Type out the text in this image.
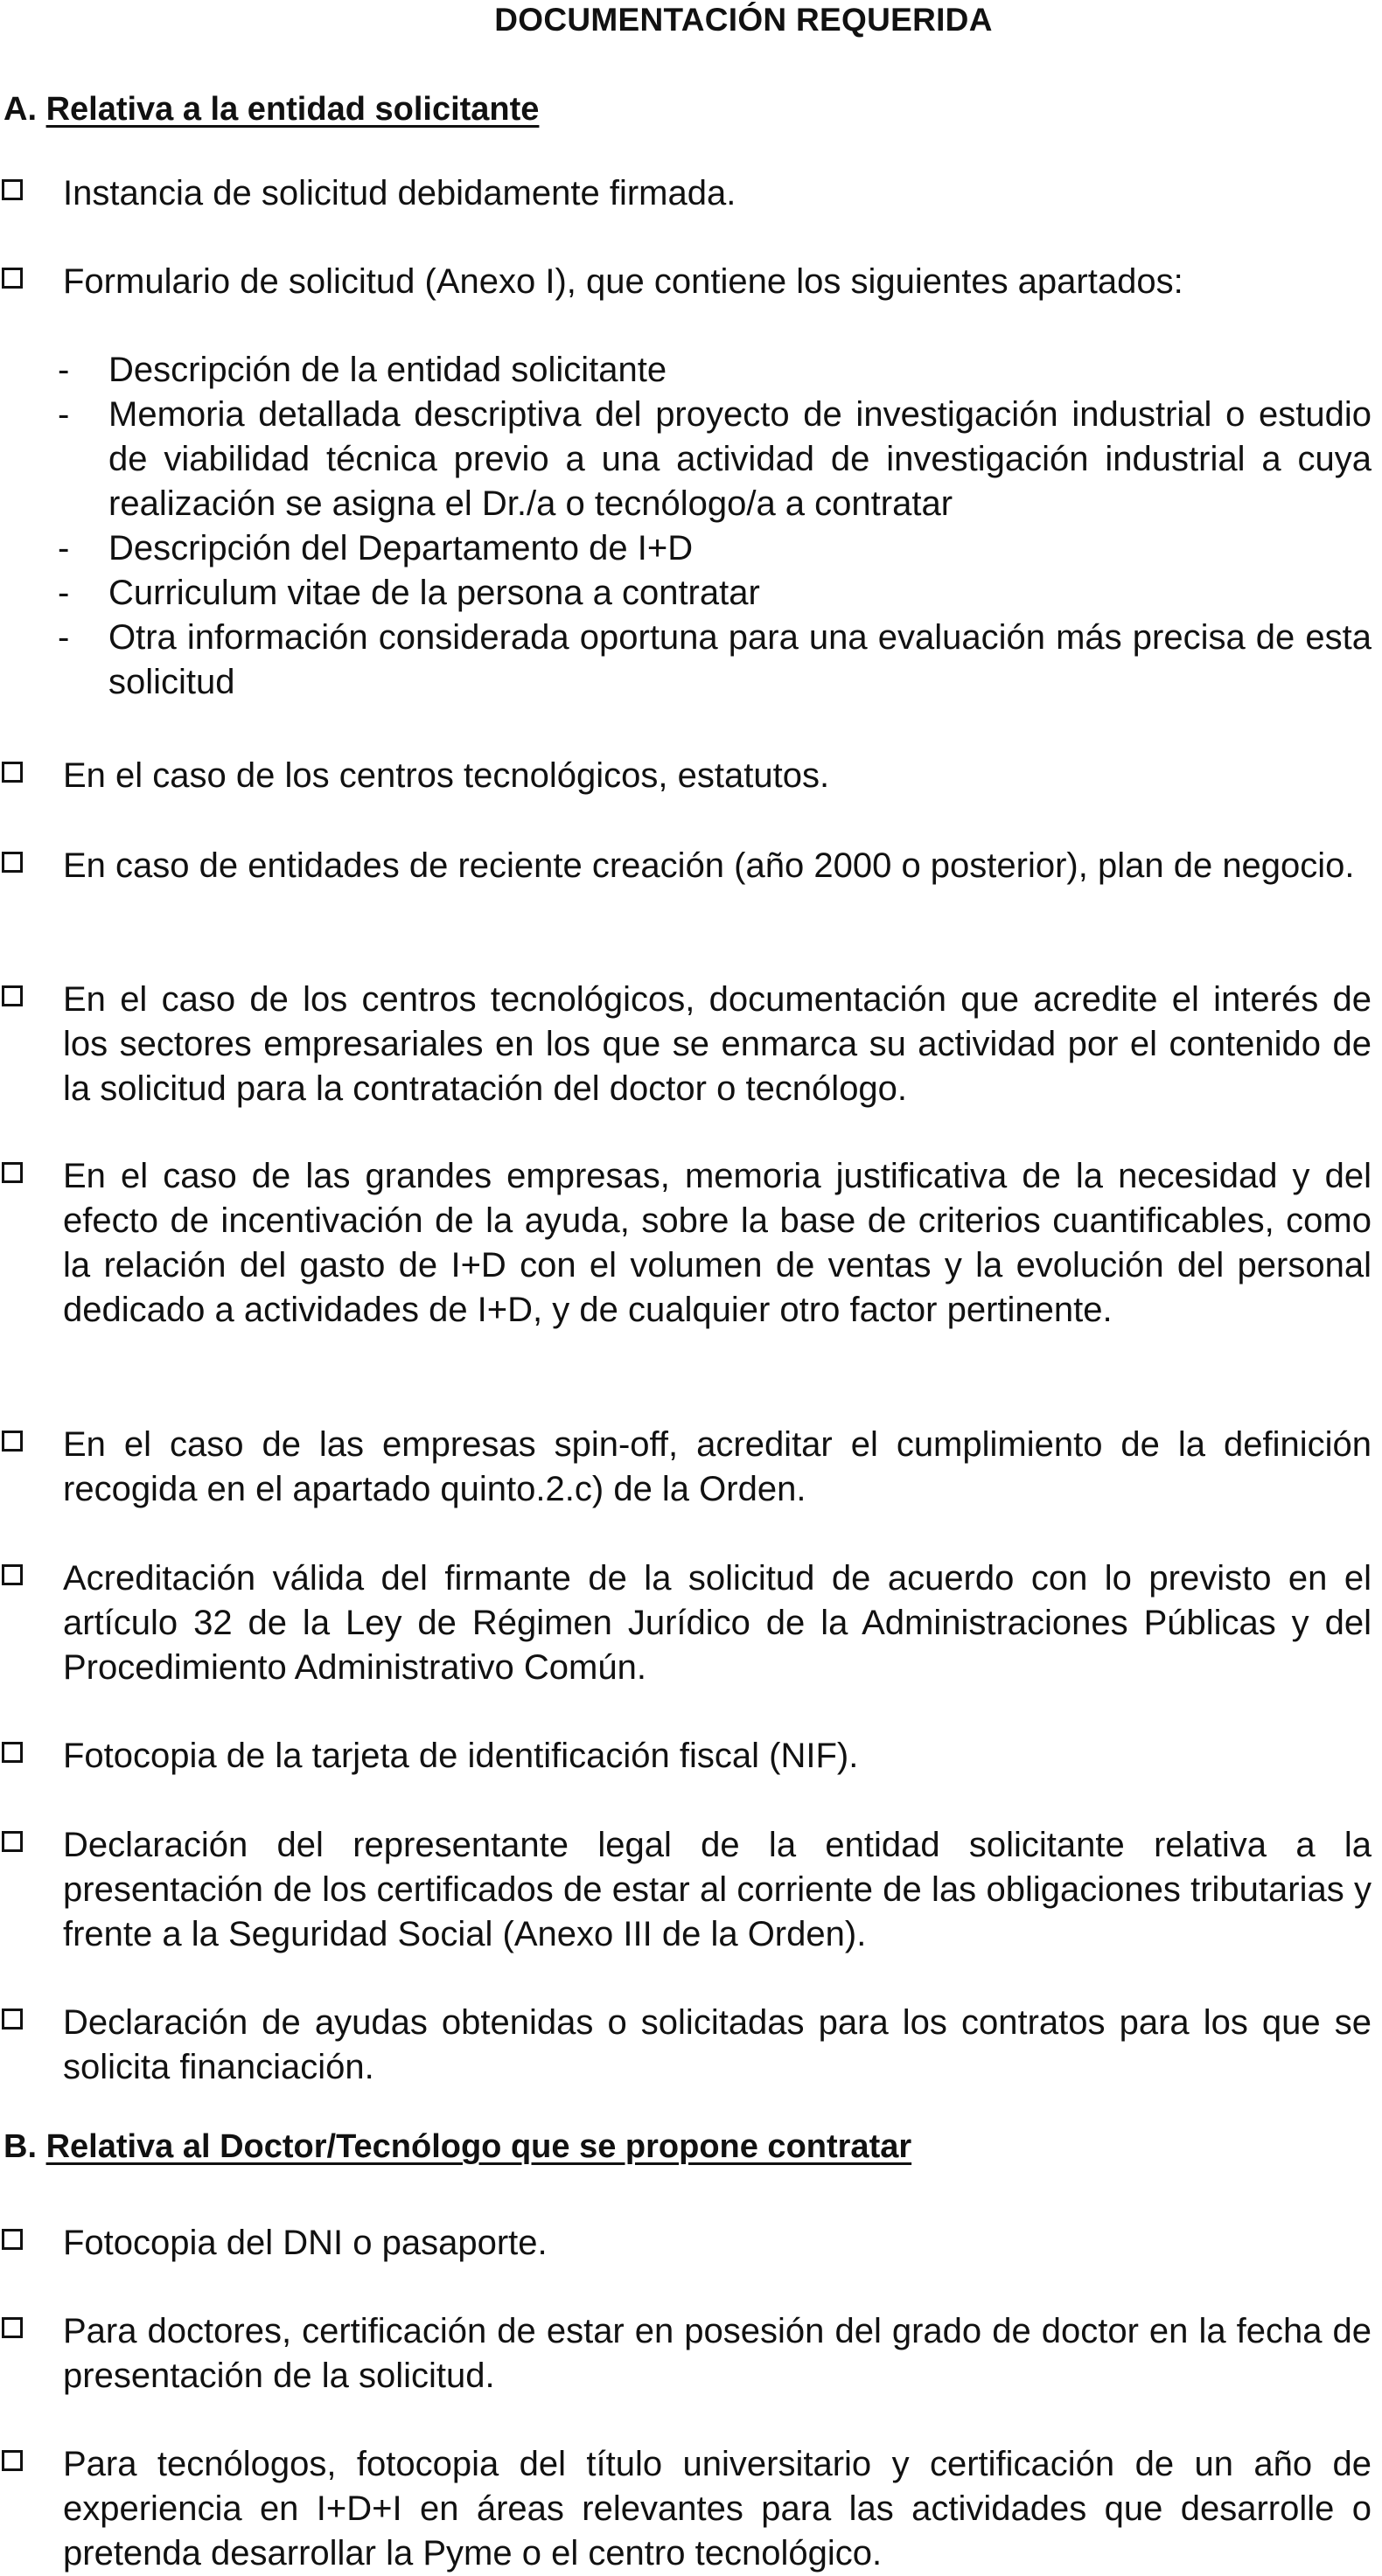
DOCUMENTACIÓN REQUERIDA
A. Relativa a la entidad solicitante
Instancia de solicitud debidamente firmada.
Formulario de solicitud (Anexo I), que contiene los siguientes apartados:
- Descripción de la entidad solicitante
- Memoria detallada descriptiva del proyecto de investigación industrial o estudio de viabilidad técnica previo a una actividad de investigación industrial a cuya realización se asigna el Dr./a o tecnólogo/a a contratar
- Descripción del Departamento de I+D
- Curriculum vitae de la persona a contratar
- Otra información considerada oportuna para una evaluación más precisa de esta solicitud
En el caso de los centros tecnológicos, estatutos.
En caso de entidades de reciente creación (año 2000 o posterior), plan de negocio.
En el caso de los centros tecnológicos, documentación que acredite el interés de los sectores empresariales en los que se enmarca su actividad por el contenido de la solicitud para la contratación del doctor o tecnólogo.
En el caso de las grandes empresas, memoria justificativa de la necesidad y del efecto de incentivación de la ayuda, sobre la base de criterios cuantificables, como la relación del gasto de I+D con el volumen de ventas y la evolución del personal dedicado a actividades de I+D, y de cualquier otro factor pertinente.
En el caso de las empresas spin-off, acreditar el cumplimiento de la definición recogida en el apartado quinto.2.c) de la Orden.
Acreditación válida del firmante de la solicitud de acuerdo con lo previsto en el artículo 32 de la Ley de Régimen Jurídico de la Administraciones Públicas y del Procedimiento Administrativo Común.
Fotocopia de la tarjeta de identificación fiscal (NIF).
Declaración del representante legal de la entidad solicitante relativa a la presentación de los certificados de estar al corriente de las obligaciones tributarias y frente a la Seguridad Social (Anexo III de la Orden).
Declaración de ayudas obtenidas o solicitadas para los contratos para los que se solicita financiación.
B. Relativa al Doctor/Tecnólogo que se propone contratar
Fotocopia del DNI o pasaporte.
Para doctores, certificación de estar en posesión del grado de doctor en la fecha de presentación de la solicitud.
Para tecnólogos, fotocopia del título universitario y certificación de un año de experiencia en I+D+I en áreas relevantes para las actividades que desarrolle o pretenda desarrollar la Pyme o el centro tecnológico.
